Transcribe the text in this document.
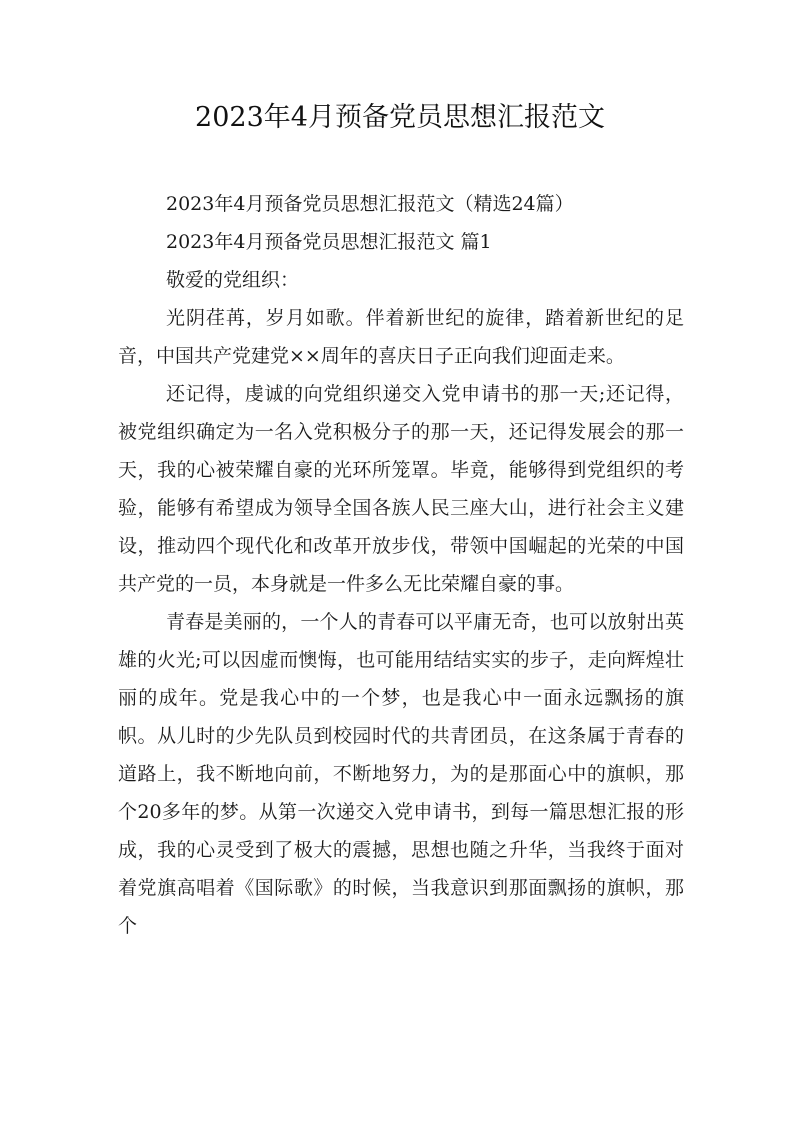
2023年4月预备党员思想汇报范文

2023年4月预备党员思想汇报范文（精选24篇）

2023年4月预备党员思想汇报范文 篇1

敬爱的党组织：

光阴荏苒，岁月如歌。伴着新世纪的旋律，踏着新世纪的足音，中国共产党建党××周年的喜庆日子正向我们迎面走来。

还记得，虔诚的向党组织递交入党申请书的那一天;还记得，被党组织确定为一名入党积极分子的那一天，还记得发展会的那一天，我的心被荣耀自豪的光环所笼罩。毕竟，能够得到党组织的考验，能够有希望成为领导全国各族人民三座大山，进行社会主义建设，推动四个现代化和改革开放步伐，带领中国崛起的光荣的中国共产党的一员，本身就是一件多么无比荣耀自豪的事。

青春是美丽的，一个人的青春可以平庸无奇，也可以放射出英雄的火光;可以因虚而懊悔，也可能用结结实实的步子，走向辉煌壮丽的成年。党是我心中的一个梦，也是我心中一面永远飘扬的旗帜。从儿时的少先队员到校园时代的共青团员，在这条属于青春的道路上，我不断地向前，不断地努力，为的是那面心中的旗帜，那个20多年的梦。从第一次递交入党申请书，到每一篇思想汇报的形成，我的心灵受到了极大的震撼，思想也随之升华，当我终于面对着党旗高唱着《国际歌》的时候，当我意识到那面飘扬的旗帜，那个
